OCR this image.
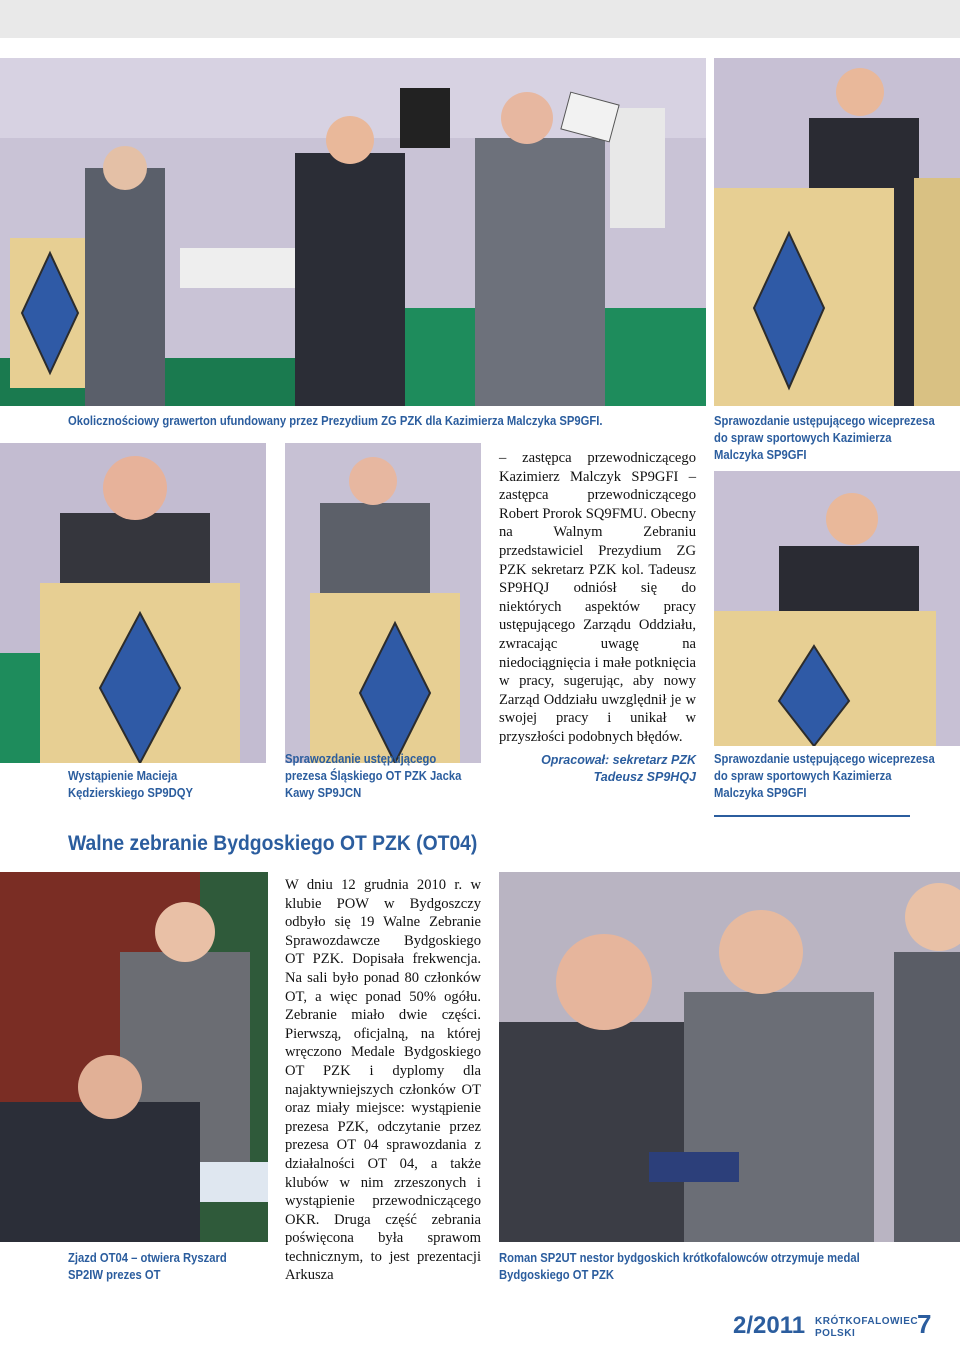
Okolicznościowy grawerton ufundowany przez Prezydium ZG PZK dla Kazimierza Malczyka SP9GFI.	Sprawozdanie ustępującego wiceprezesa do spraw sportowych Kazimierza Malczyka SP9GFI
Wystąpienie Macieja Kędzierskiego SP9DQY
Sprawozdanie ustępującego prezesa Śląskiego OT PZK Jacka Kawy SP9JCN
Sprawozdanie ustępującego wiceprezesa do spraw sportowych Kazimierza Malczyka SP9GFI
– zastępca przewodniczącego Kazimierz Malczyk SP9GFI – zastępca przewodniczącego Robert Prorok SQ9FMU. Obecny na Walnym Zebraniu przedstawiciel Prezydium ZG PZK sekretarz PZK kol. Tadeusz SP9HQJ odniósł się do niektórych aspektów pracy ustępującego Zarządu Oddziału, zwracając uwagę na niedociągnięcia i małe potknięcia w pracy, sugerując, aby nowy Zarząd Oddziału uwzględnił je w swojej pracy i unikał w przyszłości podobnych błędów.
Opracował: sekretarz PZK Tadeusz SP9HQJ
Walne zebranie Bydgoskiego OT PZK (OT04)
Zjazd OT04 – otwiera Ryszard SP2IW prezes OT
Roman SP2UT nestor bydgoskich krótkofalowców otrzymuje medal Bydgoskiego OT PZK
W dniu 12 grudnia 2010 r. w klubie POW w Bydgoszczy odbyło się 19 Walne Zebranie Sprawozdawcze Bydgoskiego OT PZK. Dopisała frekwencja. Na sali było ponad 80 członków OT, a więc ponad 50% ogółu. Zebranie miało dwie części. Pierwszą, oficjalną, na której wręczono Medale Bydgoskiego OT PZK i dyplomy dla najaktywniejszych członków OT oraz miały miejsce: wystąpienie prezesa PZK, odczytanie przez prezesa OT 04 sprawozdania z działalności OT 04, a także klubów w nim zrzeszonych i wystąpienie przewodniczącego OKR. Druga część zebrania poświęcona była sprawom technicznym, to jest prezentacji Arkusza
2/2011 KRÓTKOFALOWIEC
POLSKI 7
